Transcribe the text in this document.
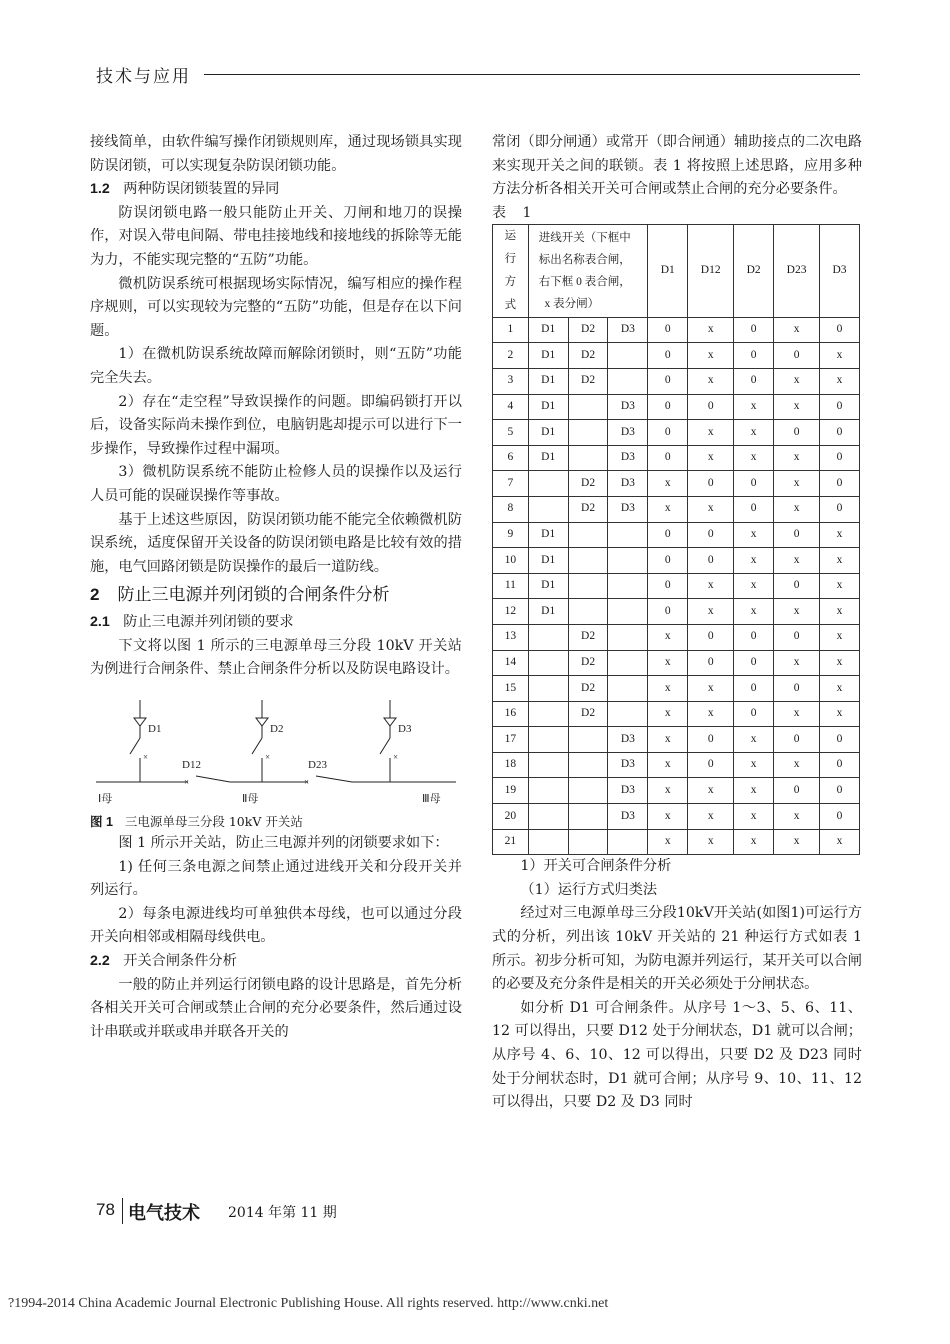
技术与应用

接线简单，由软件编写操作闭锁规则库，通过现场锁具实现防误闭锁，可以实现复杂防误闭锁功能。

1.2 两种防误闭锁装置的异同

防误闭锁电路一般只能防止开关、刀闸和地刀的误操作，对误入带电间隔、带电挂接地线和接地线的拆除等无能为力，不能实现完整的“五防”功能。

微机防误系统可根据现场实际情况，编写相应的操作程序规则，可以实现较为完整的“五防”功能，但是存在以下问题。

1）在微机防误系统故障而解除闭锁时，则“五防”功能完全失去。

2）存在“走空程”导致误操作的问题。即编码锁打开以后，设备实际尚未操作到位，电脑钥匙却提示可以进行下一步操作，导致操作过程中漏项。

3）微机防误系统不能防止检修人员的误操作以及运行人员可能的误碰误操作等事故。

基于上述这些原因，防误闭锁功能不能完全依赖微机防误系统，适度保留开关设备的防误闭锁电路是比较有效的措施，电气回路闭锁是防误操作的最后一道防线。

2 防止三电源并列闭锁的合闸条件分析

2.1 防止三电源并列闭锁的要求

下文将以图 1 所示的三电源单母三分段 10kV 开关站为例进行合闸条件、禁止合闸条件分析以及防误电路设计。

×	×	×
×	×
D1	D2	D3
D12	D23
Ⅰ母	Ⅱ母	Ⅲ母

图 1 三电源单母三分段 10kV 开关站

图 1 所示开关站，防止三电源并列的闭锁要求如下：

1) 任何三条电源之间禁止通过进线开关和分段开关并列运行。

2）每条电源进线均可单独供本母线，也可以通过分段开关向相邻或相隔母线供电。

2.2 开关合闸条件分析

一般的防止并列运行闭锁电路的设计思路是，首先分析各相关开关可合闸或禁止合闸的充分必要条件，然后通过设计串联或并联或串并联各开关的

常闭（即分闸通）或常开（即合闸通）辅助接点的二次电路来实现开关之间的联锁。表 1 将按照上述思路，应用多种方法分析各相关开关可合闸或禁止合闸的充分必要条件。

表 1

运
行
方
式	进线开关（下框中
标出名称表合闸，
右下框 0 表合闸，
x 表分闸）			D1	D12	D2	D23	D3
1	D1	D2	D3	0	x	0	x	0
2	D1	D2		0	x	0	0	x
3	D1	D2		0	x	0	x	x
4	D1		D3	0	0	x	x	0
5	D1		D3	0	x	x	0	0
6	D1		D3	0	x	x	x	0
7		D2	D3	x	0	0	x	0
8		D2	D3	x	x	0	x	0
9	D1			0	0	x	0	x
10	D1			0	0	x	x	x
11	D1			0	x	x	0	x
12	D1			0	x	x	x	x
13		D2		x	0	0	0	x
14		D2		x	0	0	x	x
15		D2		x	x	0	0	x
16		D2		x	x	0	x	x
17			D3	x	0	x	0	0
18			D3	x	0	x	x	0
19			D3	x	x	x	0	0
20			D3	x	x	x	x	0
21				x	x	x	x	x

1）开关可合闸条件分析

（1）运行方式归类法

经过对三电源单母三分段10kV开关站(如图1)可运行方式的分析，列出该 10kV 开关站的 21 种运行方式如表 1 所示。初步分析可知，为防电源并列运行，某开关可以合闸的必要及充分条件是相关的开关必须处于分闸状态。

如分析 D1 可合闸条件。从序号 1～3、5、6、11、12 可以得出，只要 D12 处于分闸状态，D1 就可以合闸；从序号 4、6、10、12 可以得出，只要 D2 及 D23 同时处于分闸状态时，D1 就可合闸；从序号 9、10、11、12 可以得出，只要 D2 及 D3 同时

78 电气技术 2014 年第 11 期
?1994-2014 China Academic Journal Electronic Publishing House. All rights reserved. http://www.cnki.net
